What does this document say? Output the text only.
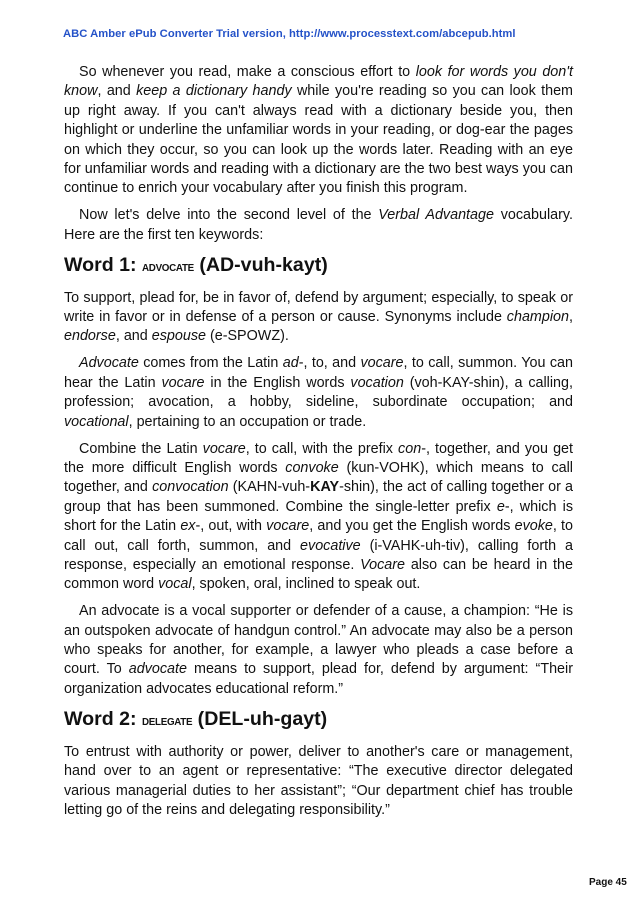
ABC Amber ePub Converter Trial version, http://www.processtext.com/abcepub.html

So whenever you read, make a conscious effort to look for words you don't know, and keep a dictionary handy while you're reading so you can look them up right away. If you can't always read with a dictionary beside you, then highlight or underline the unfamiliar words in your reading, or dog-ear the pages on which they occur, so you can look up the words later. Reading with an eye for unfamiliar words and reading with a dictionary are the two best ways you can continue to enrich your vocabulary after you finish this program.

Now let's delve into the second level of the Verbal Advantage vocabulary. Here are the first ten keywords:

Word 1: ADVOCATE (AD-vuh-kayt)

To support, plead for, be in favor of, defend by argument; especially, to speak or write in favor or in defense of a person or cause. Synonyms include champion, endorse, and espouse (e-SPOWZ).

Advocate comes from the Latin ad-, to, and vocare, to call, summon. You can hear the Latin vocare in the English words vocation (voh-KAY-shin), a calling, profession; avocation, a hobby, sideline, subordinate occupation; and vocational, pertaining to an occupation or trade.

Combine the Latin vocare, to call, with the prefix con-, together, and you get the more difficult English words convoke (kun-VOHK), which means to call together, and convocation (KAHN-vuh-KAY-shin), the act of calling together or a group that has been summoned. Combine the single-letter prefix e-, which is short for the Latin ex-, out, with vocare, and you get the English words evoke, to call out, call forth, summon, and evocative (i-VAHK-uh-tiv), calling forth a response, especially an emotional response. Vocare also can be heard in the common word vocal, spoken, oral, inclined to speak out.

An advocate is a vocal supporter or defender of a cause, a champion: “He is an outspoken advocate of handgun control.” An advocate may also be a person who speaks for another, for example, a lawyer who pleads a case before a court. To advocate means to support, plead for, defend by argument: “Their organization advocates educational reform.”

Word 2: DELEGATE (DEL-uh-gayt)

To entrust with authority or power, deliver to another's care or management, hand over to an agent or representative: “The executive director delegated various managerial duties to her assistant”; “Our department chief has trouble letting go of the reins and delegating responsibility.”

Page 45
